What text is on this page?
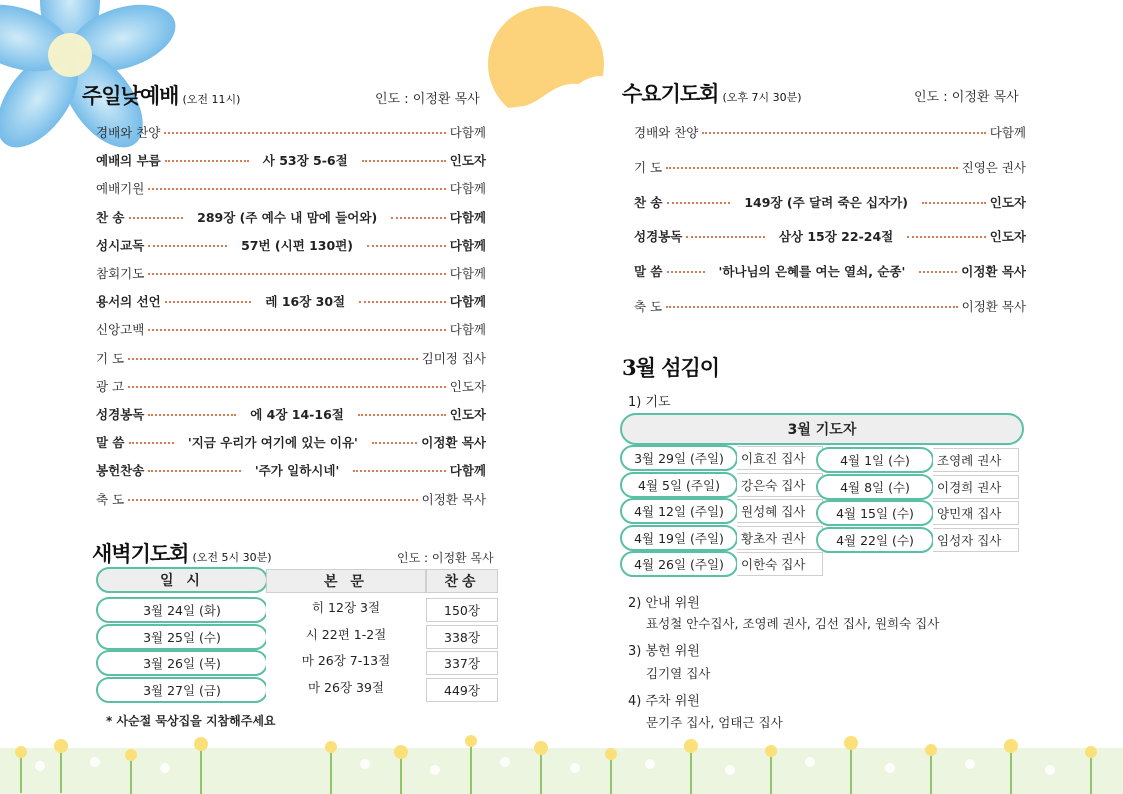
주일낮예배 (오전 11시)	인도 : 이정환 목사
경배와 찬양	다함께
예배의 부름	사 53장 5-6절	인도자
예배기원	다함께
찬 송	289장 (주 예수 내 맘에 들어와)	다함께
성시교독	57번 (시편 130편)	다함께
참회기도	다함께
용서의 선언	레 16장 30절	다함께
신앙고백	다함께
기 도	김미정 집사
광 고	인도자
성경봉독	에 4장 14-16절	인도자
말 씀	'지금 우리가 여기에 있는 이유'	이정환 목사
봉헌찬송	'주가 일하시네'	다함께
축 도	이정환 목사
새벽기도회 (오전 5시 30분)	인도 : 이정환 목사
일 시	본 문	찬송
3월 24일 (화)	히 12장 3절	150장
3월 25일 (수)	시 22편 1-2절	338장
3월 26일 (목)	마 26장 7-13절	337장
3월 27일 (금)	마 26장 39절	449장
* 사순절 묵상집을 지참해주세요
수요기도회 (오후 7시 30분)	인도 : 이정환 목사
경배와 찬양	다함께
기 도	진영은 권사
찬 송	149장 (주 달려 죽은 십자가)	인도자
성경봉독	삼상 15장 22-24절	인도자
말 씀	'하나님의 은혜를 여는 열쇠, 순종'	이정환 목사
축 도	이정환 목사
3월 섬김이
1) 기도
3월 기도자
3월 29일 (주일)	이효진 집사	4월 1일 (수)	조영례 권사
4월 5일 (주일)	강은숙 집사	4월 8일 (수)	이경희 권사
4월 12일 (주일)	원성혜 집사	4월 15일 (수)	양민재 집사
4월 19일 (주일)	황초자 권사	4월 22일 (수)	임성자 집사
4월 26일 (주일)	이한숙 집사
2) 안내 위원
표성철 안수집사, 조영례 권사, 김선 집사, 원희숙 집사
3) 봉헌 위원
김기열 집사
4) 주차 위원
문기주 집사, 엄태근 집사
